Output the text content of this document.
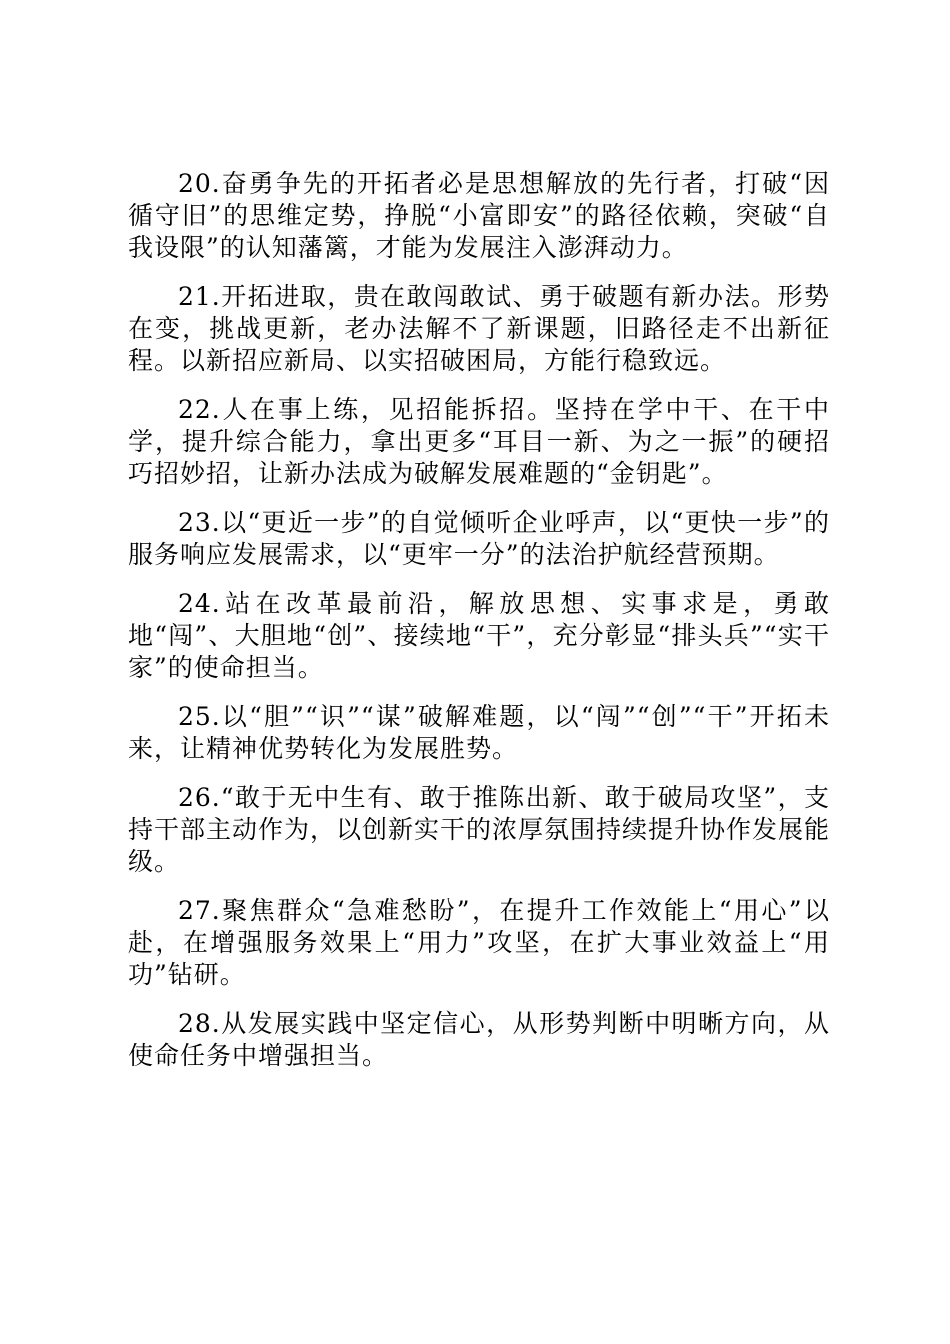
20.奋勇争先的开拓者必是思想解放的先行者，打破“因循守旧”的思维定势，挣脱“小富即安”的路径依赖，突破“自我设限”的认知藩篱，才能为发展注入澎湃动力。

21.开拓进取，贵在敢闯敢试、勇于破题有新办法。形势在变，挑战更新，老办法解不了新课题，旧路径走不出新征程。以新招应新局、以实招破困局，方能行稳致远。

22.人在事上练，见招能拆招。坚持在学中干、在干中学，提升综合能力，拿出更多“耳目一新、为之一振”的硬招巧招妙招，让新办法成为破解发展难题的“金钥匙”。

23.以“更近一步”的自觉倾听企业呼声，以“更快一步”的服务响应发展需求，以“更牢一分”的法治护航经营预期。

24.站在改革最前沿，解放思想、实事求是，勇敢地“闯”、大胆地“创”、接续地“干”，充分彰显“排头兵”“实干家”的使命担当。

25.以“胆”“识”“谋”破解难题，以“闯”“创”“干”开拓未来，让精神优势转化为发展胜势。

26.“敢于无中生有、敢于推陈出新、敢于破局攻坚”，支持干部主动作为，以创新实干的浓厚氛围持续提升协作发展能级。

27.聚焦群众“急难愁盼”，在提升工作效能上“用心”以赴，在增强服务效果上“用力”攻坚，在扩大事业效益上“用功”钻研。

28.从发展实践中坚定信心，从形势判断中明晰方向，从使命任务中增强担当。
